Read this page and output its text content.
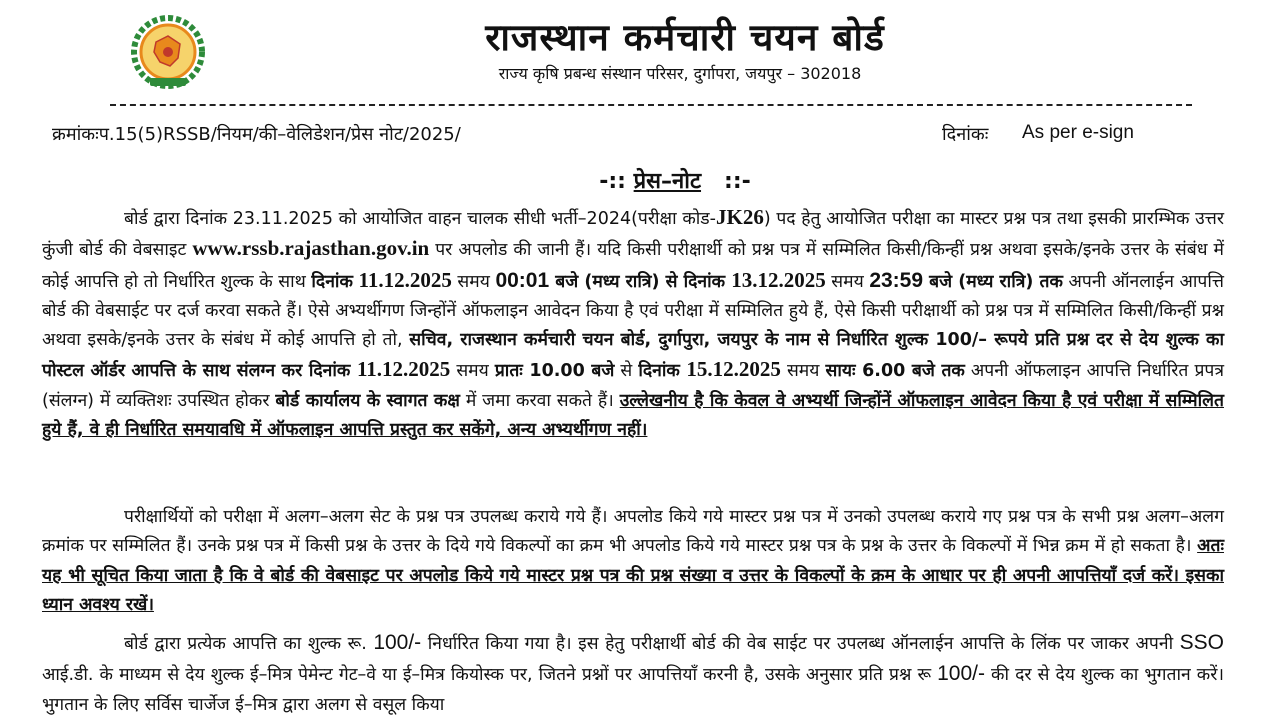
राजस्थान कर्मचारी चयन बोर्ड
राज्य कृषि प्रबन्ध संस्थान परिसर, दुर्गापरा, जयपुर – 302018
क्रमांकःप.15(5)RSSB/नियम/की–वेलिडेशन/प्रेस नोट/2025/	दिनांकः As per e-sign
-:: प्रेस–नोट ::-
बोर्ड द्वारा दिनांक 23.11.2025 को आयोजित वाहन चालक सीधी भर्ती–2024(परीक्षा कोड-JK26) पद हेतु आयोजित परीक्षा का मास्टर प्रश्न पत्र तथा इसकी प्रारम्भिक उत्तर कुंजी बोर्ड की वेबसाइट www.rssb.rajasthan.gov.in पर अपलोड की जानी हैं। यदि किसी परीक्षार्थी को प्रश्न पत्र में सम्मिलित किसी/किन्हीं प्रश्न अथवा इसके/इनके उत्तर के संबंध में कोई आपत्ति हो तो निर्धारित शुल्क के साथ दिनांक 11.12.2025 समय 00:01 बजे (मध्य रात्रि) से दिनांक 13.12.2025 समय 23:59 बजे (मध्य रात्रि) तक अपनी ऑनलाईन आपत्ति बोर्ड की वेबसाईट पर दर्ज करवा सकते हैं। ऐसे अभ्यर्थीगण जिन्होंनें ऑफलाइन आवेदन किया है एवं परीक्षा में सम्मिलित हुये हैं, ऐसे किसी परीक्षार्थी को प्रश्न पत्र में सम्मिलित किसी/किन्हीं प्रश्न अथवा इसके/इनके उत्तर के संबंध में कोई आपत्ति हो तो, सचिव, राजस्थान कर्मचारी चयन बोर्ड, दुर्गापुरा, जयपुर के नाम से निर्धारित शुल्क 100/– रूपये प्रति प्रश्न दर से देय शुल्क का पोस्टल ऑर्डर आपत्ति के साथ संलग्न कर दिनांक 11.12.2025 समय प्रातः 10.00 बजे से दिनांक 15.12.2025 समय सायः 6.00 बजे तक अपनी ऑफलाइन आपत्ति निर्धारित प्रपत्र (संलग्न) में व्यक्तिशः उपस्थित होकर बोर्ड कार्यालय के स्वागत कक्ष में जमा करवा सकते हैं। उल्लेखनीय है कि केवल वे अभ्यर्थी जिन्होंनें ऑफलाइन आवेदन किया है एवं परीक्षा में सम्मिलित हुये हैं, वे ही निर्धारित समयावधि में ऑफलाइन आपत्ति प्रस्तुत कर सकेंगे, अन्य अभ्यर्थीगण नहीं।
परीक्षार्थियों को परीक्षा में अलग–अलग सेट के प्रश्न पत्र उपलब्ध कराये गये हैं। अपलोड किये गये मास्टर प्रश्न पत्र में उनको उपलब्ध कराये गए प्रश्न पत्र के सभी प्रश्न अलग–अलग क्रमांक पर सम्मिलित हैं। उनके प्रश्न पत्र में किसी प्रश्न के उत्तर के दिये गये विकल्पों का क्रम भी अपलोड किये गये मास्टर प्रश्न पत्र के प्रश्न के उत्तर के विकल्पों में भिन्न क्रम में हो सकता है। अतः यह भी सूचित किया जाता है कि वे बोर्ड की वेबसाइट पर अपलोड किये गये मास्टर प्रश्न पत्र की प्रश्न संख्या व उत्तर के विकल्पों के क्रम के आधार पर ही अपनी आपत्तियाँ दर्ज करें। इसका ध्यान अवश्य रखें।
बोर्ड द्वारा प्रत्येक आपत्ति का शुल्क रू. 100/- निर्धारित किया गया है। इस हेतु परीक्षार्थी बोर्ड की वेब साईट पर उपलब्ध ऑनलाईन आपत्ति के लिंक पर जाकर अपनी SSO आई.डी. के माध्यम से देय शुल्क ई–मित्र पेमेन्ट गेट–वे या ई–मित्र कियोस्क पर, जितने प्रश्नों पर आपत्तियाँ करनी है, उसके अनुसार प्रति प्रश्न रू 100/- की दर से देय शुल्क का भुगतान करें। भुगतान के लिए सर्विस चार्जेज ई–मित्र द्वारा अलग से वसूल किया
